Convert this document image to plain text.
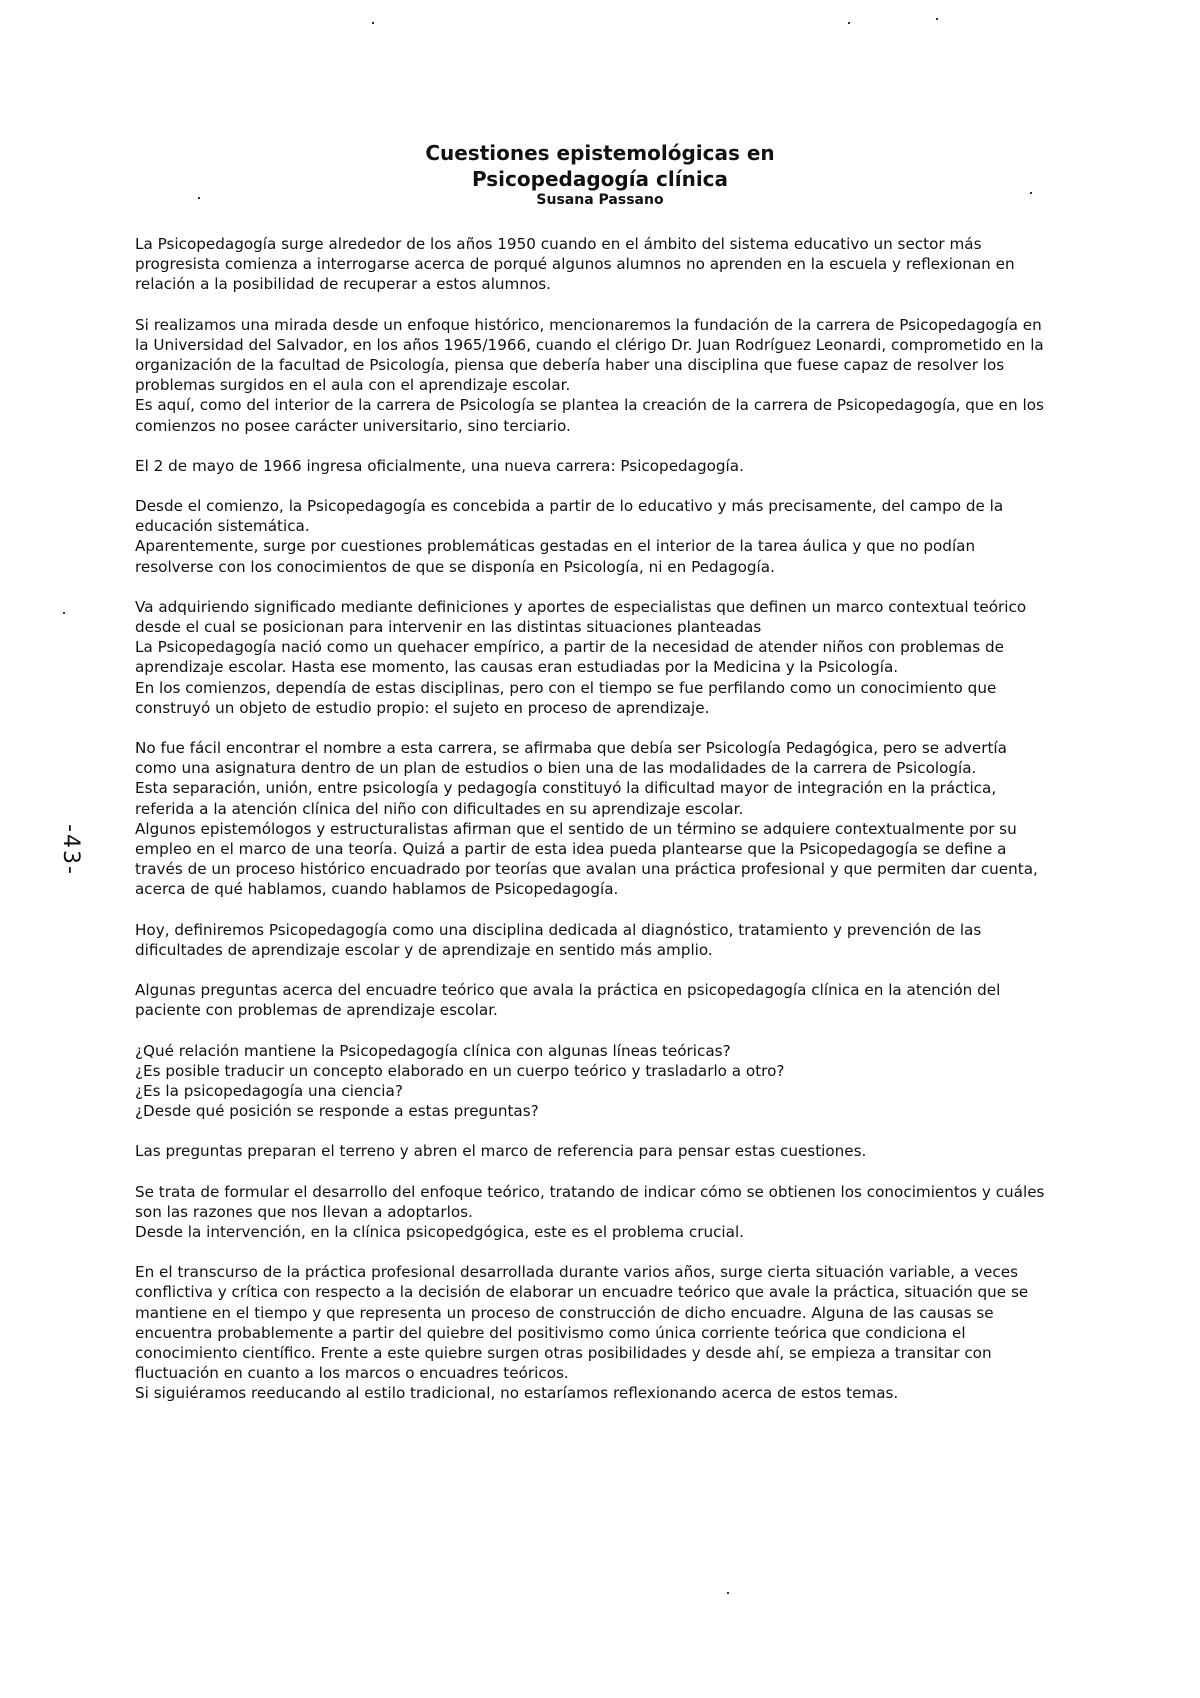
Cuestiones epistemológicas en
Psicopedagogía clínica
Susana Passano
-43-

La Psicopedagogía surge alrededor de los años 1950 cuando en el ámbito del sistema educativo un sector más progresista comienza a interrogarse acerca de porqué algunos alumnos no aprenden en la escuela y reflexionan en relación a la posibilidad de recuperar a estos alumnos.

Si realizamos una mirada desde un enfoque histórico, mencionaremos la fundación de la carrera de Psicopedagogía en la Universidad del Salvador, en los años 1965/1966, cuando el clérigo Dr. Juan Rodríguez Leonardi, comprometido en la organización de la facultad de Psicología, piensa que debería haber una disciplina que fuese capaz de resolver los problemas surgidos en el aula con el aprendizaje escolar.
Es aquí, como del interior de la carrera de Psicología se plantea la creación de la carrera de Psicopedagogía, que en los comienzos no posee carácter universitario, sino terciario.

El 2 de mayo de 1966 ingresa oficialmente, una nueva carrera: Psicopedagogía.

Desde el comienzo, la Psicopedagogía es concebida a partir de lo educativo y más precisamente, del campo de la educación sistemática.
Aparentemente, surge por cuestiones problemáticas gestadas en el interior de la tarea áulica y que no podían resolverse con los conocimientos de que se disponía en Psicología, ni en Pedagogía.

Va adquiriendo significado mediante definiciones y aportes de especialistas que definen un marco contextual teórico desde el cual se posicionan para intervenir en las distintas situaciones planteadas
La Psicopedagogía nació como un quehacer empírico, a partir de la necesidad de atender niños con problemas de aprendizaje escolar. Hasta ese momento, las causas eran estudiadas por la Medicina y la Psicología.
En los comienzos, dependía de estas disciplinas, pero con el tiempo se fue perfilando como un conocimiento que construyó un objeto de estudio propio: el sujeto en proceso de aprendizaje.

No fue fácil encontrar el nombre a esta carrera, se afirmaba que debía ser Psicología Pedagógica, pero se advertía como una asignatura dentro de un plan de estudios o bien una de las modalidades de la carrera de Psicología.
Esta separación, unión, entre psicología y pedagogía constituyó la dificultad mayor de integración en la práctica, referida a la atención clínica del niño con dificultades en su aprendizaje escolar.
Algunos epistemólogos y estructuralistas afirman que el sentido de un término se adquiere contextualmente por su empleo en el marco de una teoría. Quizá a partir de esta idea pueda plantearse que la Psicopedagogía se define a través de un proceso histórico encuadrado por teorías que avalan una práctica profesional y que permiten dar cuenta, acerca de qué hablamos, cuando hablamos de Psicopedagogía.

Hoy, definiremos Psicopedagogía como una disciplina dedicada al diagnóstico, tratamiento y prevención de las dificultades de aprendizaje escolar y de aprendizaje en sentido más amplio.

Algunas preguntas acerca del encuadre teórico que avala la práctica en psicopedagogía clínica en la atención del paciente con problemas de aprendizaje escolar.

¿Qué relación mantiene la Psicopedagogía clínica con algunas líneas teóricas?
¿Es posible traducir un concepto elaborado en un cuerpo teórico y trasladarlo a otro?
¿Es la psicopedagogía una ciencia?
¿Desde qué posición se responde a estas preguntas?

Las preguntas preparan el terreno y abren el marco de referencia para pensar estas cuestiones.

Se trata de formular el desarrollo del enfoque teórico, tratando de indicar cómo se obtienen los conocimientos y cuáles son las razones que nos llevan a adoptarlos.
Desde la intervención, en la clínica psicopedgógica, este es el problema crucial.

En el transcurso de la práctica profesional desarrollada durante varios años, surge cierta situación variable, a veces conflictiva y crítica con respecto a la decisión de elaborar un encuadre teórico que avale la práctica, situación que se mantiene en el tiempo y que representa un proceso de construcción de dicho encuadre. Alguna de las causas se encuentra probablemente a partir del quiebre del positivismo como única corriente teórica que condiciona el conocimiento científico. Frente a este quiebre surgen otras posibilidades y desde ahí, se empieza a transitar con fluctuación en cuanto a los marcos o encuadres teóricos.
Si siguiéramos reeducando al estilo tradicional, no estaríamos reflexionando acerca de estos temas.
